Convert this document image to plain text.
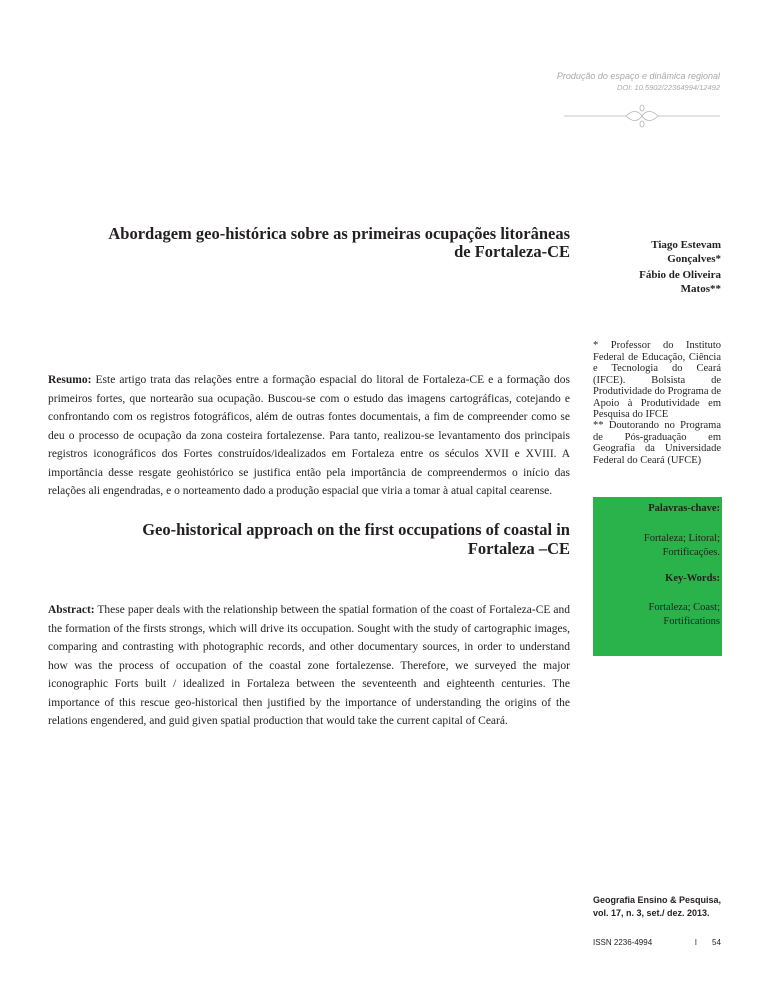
Produção do espaço e dinâmica regional
DOI: 10.5902/22364994/12492
Abordagem geo-histórica sobre as primeiras ocupações litorâneas
de Fortaleza-CE	Tiago Estevam
Gonçalves*
Fábio de Oliveira
Matos**
* Professor do Instituto Federal de Educação, Ciência e Tecnologia do Ceará (IFCE). Bolsista de Produtividade do Programa de Apoio à Produtividade em Pesquisa do IFCE
** Doutorando no Programa de Pós-graduação em Geografia da Universidade Federal do Ceará (UFCE)
Resumo: Este artigo trata das relações entre a formação espacial do litoral de Fortaleza-CE e a formação dos primeiros fortes, que nortearão sua ocupação. Buscou-se com o estudo das imagens cartográficas, cotejando e confrontando com os registros fotográficos, além de outras fontes documentais, a fim de compreender como se deu o processo de ocupação da zona costeira fortalezense. Para tanto, realizou-se levantamento dos principais registros iconográficos dos Fortes construídos/idealizados em Fortaleza entre os séculos XVII e XVIII. A importância desse resgate geohistórico se justifica então pela importância de compreendermos o início das relações ali engendradas, e o norteamento dado a produção espacial que viria a tomar à atual capital cearense.
Palavras-chave:
Fortaleza; Litoral;
Fortificações.
Key-Words:
Fortaleza; Coast;
Fortifications
Geo-historical approach on the first occupations of coastal in
Fortaleza –CE
Abstract: These paper deals with the relationship between the spatial formation of the coast of Fortaleza-CE and the formation of the firsts strongs, which will drive its occupation. Sought with the study of cartographic images, comparing and contrasting with photographic records, and other documentary sources, in order to understand how was the process of occupation of the coastal zone fortalezense. Therefore, we surveyed the major iconographic Forts built / idealized in Fortaleza between the seventeenth and eighteenth centuries. The importance of this rescue geo-historical then justified by the importance of understanding the origins of the relations engendered, and guid given spatial production that would take the current capital of Ceará.
Geografia Ensino & Pesquisa,
vol. 17, n. 3, set./ dez. 2013.
ISSN 2236-4994	l 54
